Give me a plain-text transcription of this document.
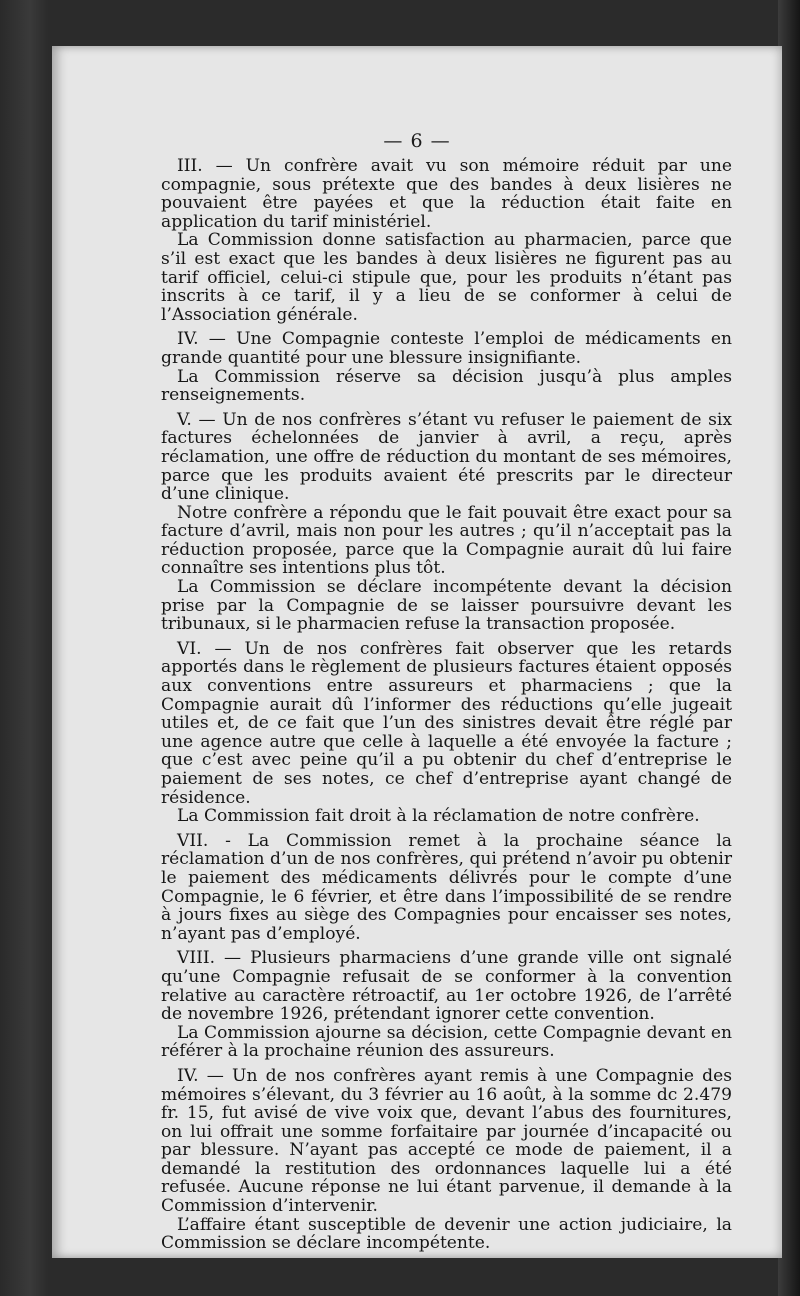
— 6 —

III. — Un confrère avait vu son mémoire réduit par une compagnie, sous prétexte que des bandes à deux lisières ne pouvaient être payées et que la réduction était faite en application du tarif ministériel.

La Commission donne satisfaction au pharmacien, parce que s’il est exact que les bandes à deux lisières ne figurent pas au tarif officiel, celui-ci stipule que, pour les produits n’étant pas inscrits à ce tarif, il y a lieu de se conformer à celui de l’Association générale.

IV. — Une Compagnie conteste l’emploi de médicaments en grande quantité pour une blessure insignifiante.

La Commission réserve sa décision jusqu’à plus amples renseignements.

V. — Un de nos confrères s’étant vu refuser le paiement de six factures échelonnées de janvier à avril, a reçu, après réclamation, une offre de réduction du montant de ses mémoires, parce que les produits avaient été prescrits par le directeur d’une clinique.

Notre confrère a répondu que le fait pouvait être exact pour sa facture d’avril, mais non pour les autres ; qu’il n’acceptait pas la réduction proposée, parce que la Compagnie aurait dû lui faire connaître ses intentions plus tôt.

La Commission se déclare incompétente devant la décision prise par la Compagnie de se laisser poursuivre devant les tribunaux, si le pharmacien refuse la transaction proposée.

VI. — Un de nos confrères fait observer que les retards apportés dans le règlement de plusieurs factures étaient opposés aux conventions entre assureurs et pharmaciens ; que la Compagnie aurait dû l’informer des réductions qu’elle jugeait utiles et, de ce fait que l’un des sinistres devait être réglé par une agence autre que celle à laquelle a été envoyée la facture ; que c’est avec peine qu’il a pu obtenir du chef d’entreprise le paiement de ses notes, ce chef d’entreprise ayant changé de résidence.

La Commission fait droit à la réclamation de notre confrère.

VII. - La Commission remet à la prochaine séance la réclamation d’un de nos confrères, qui prétend n’avoir pu obtenir le paiement des médicaments délivrés pour le compte d’une Compagnie, le 6 février, et être dans l’impossibilité de se rendre à jours fixes au siège des Compagnies pour encaisser ses notes, n’ayant pas d’employé.

VIII. — Plusieurs pharmaciens d’une grande ville ont signalé qu’une Compagnie refusait de se conformer à la convention relative au caractère rétroactif, au 1er octobre 1926, de l’arrêté de novembre 1926, prétendant ignorer cette convention.

La Commission ajourne sa décision, cette Compagnie devant en référer à la prochaine réunion des assureurs.

IV. — Un de nos confrères ayant remis à une Compagnie des mémoires s’élevant, du 3 février au 16 août, à la somme dc 2.479 fr. 15, fut avisé de vive voix que, devant l’abus des fournitures, on lui offrait une somme forfaitaire par journée d’incapacité ou par blessure. N’ayant pas accepté ce mode de paiement, il a demandé la restitution des ordonnances laquelle lui a été refusée. Aucune réponse ne lui étant parvenue, il demande à la Commission d’intervenir.

L’affaire étant susceptible de devenir une action judiciaire, la Commission se déclare incompétente.
